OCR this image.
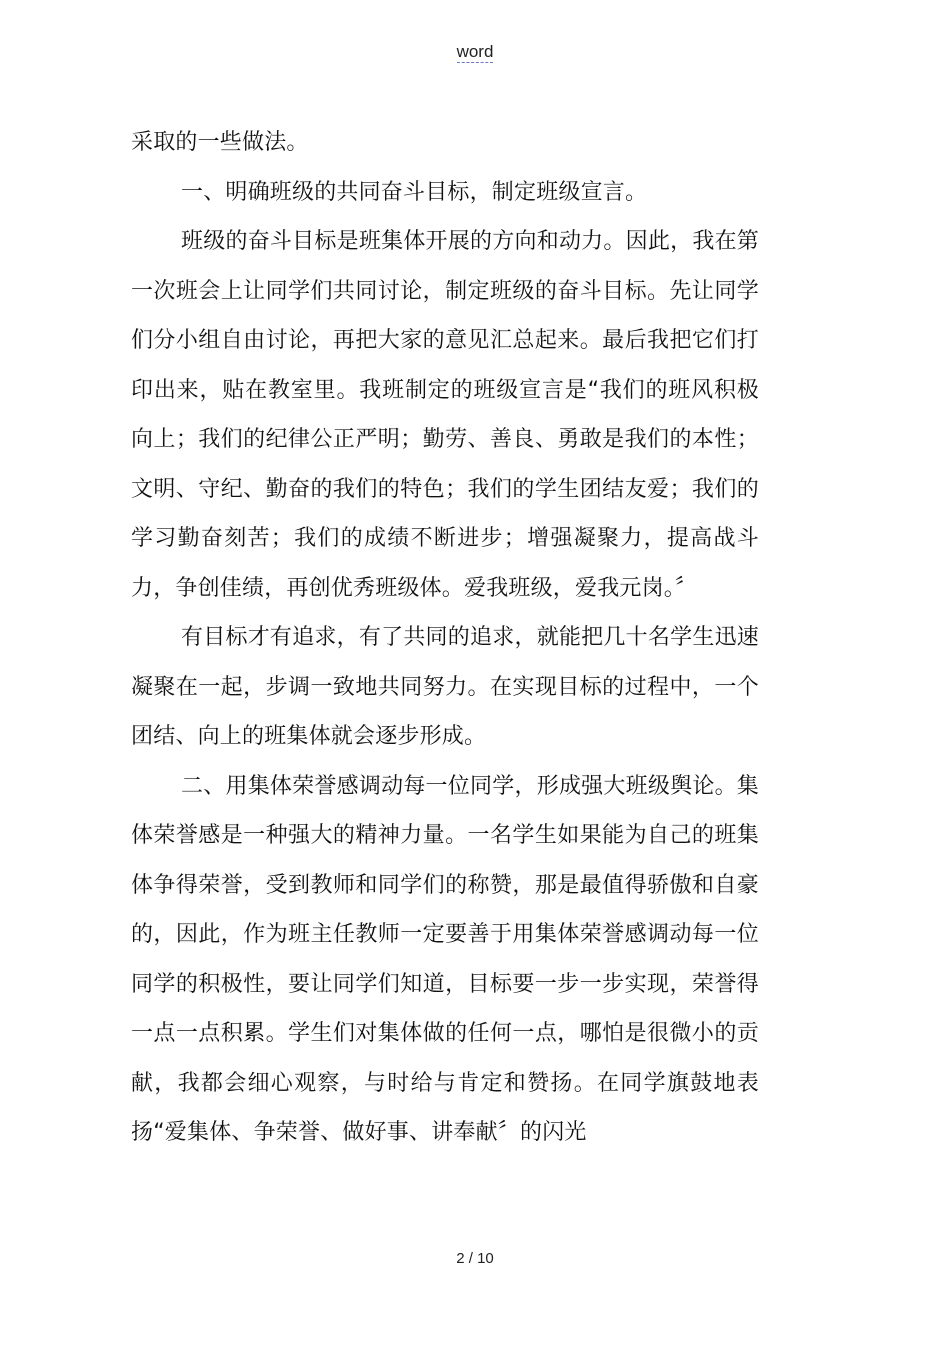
word

采取的一些做法。

一、明确班级的共同奋斗目标，制定班级宣言。

班级的奋斗目标是班集体开展的方向和动力。因此，我在第一次班会上让同学们共同讨论，制定班级的奋斗目标。先让同学们分小组自由讨论，再把大家的意见汇总起来。最后我把它们打印出来，贴在教室里。我班制定的班级宣言是“我们的班风积极向上；我们的纪律公正严明；勤劳、善良、勇敢是我们的本性；文明、守纪、勤奋的我们的特色；我们的学生团结友爱；我们的学习勤奋刻苦；我们的成绩不断进步；增强凝聚力，提高战斗力，争创佳绩，再创优秀班级体。爱我班级，爱我元岗。〞

有目标才有追求，有了共同的追求，就能把几十名学生迅速凝聚在一起，步调一致地共同努力。在实现目标的过程中，一个团结、向上的班集体就会逐步形成。

二、用集体荣誉感调动每一位同学，形成强大班级舆论。集体荣誉感是一种强大的精神力量。一名学生如果能为自己的班集体争得荣誉，受到教师和同学们的称赞，那是最值得骄傲和自豪的，因此，作为班主任教师一定要善于用集体荣誉感调动每一位同学的积极性，要让同学们知道，目标要一步一步实现，荣誉得一点一点积累。学生们对集体做的任何一点，哪怕是很微小的贡献，我都会细心观察，与时给与肯定和赞扬。在同学旗鼓地表扬“爱集体、争荣誉、做好事、讲奉献〞的闪光

2 / 10
